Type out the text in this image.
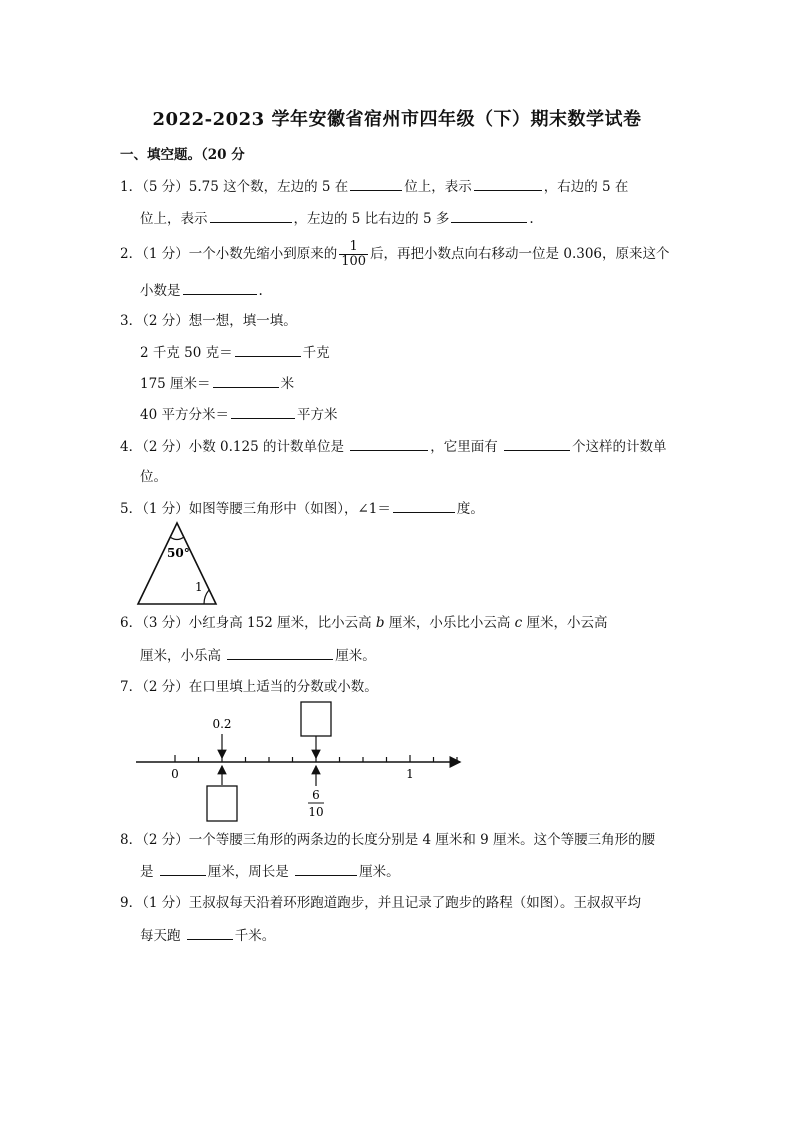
2022-2023 学年安徽省宿州市四年级（下）期末数学试卷
一、填空题。（20 分
1．（5 分）5.75 这个数，左边的 5 在	位上，表示	，右边的 5 在
位上，表示	，左边的 5 比右边的 5 多	.
2．（1 分）一个小数先缩小到原来的 $\frac{1}{100}$ 后，再把小数点向右移动一位是 0.306，原来这个
小数是	.
3．（2 分）想一想，填一填。
2 千克 50 克＝	千克
175 厘米＝	米
40 平方分米＝	平方米
4．（2 分）小数 0.125 的计数单位是	，它里面有	个这样的计数单
位。
5．（1 分）如图等腰三角形中（如图），∠1＝	度。
50°
1
6．（3 分）小红身高 152 厘米，比小云高 b 厘米，小乐比小云高 c 厘米，小云高
厘米，小乐高	厘米。
7．（2 分）在口里填上适当的分数或小数。
0	1
0.2
6
10
8．（2 分）一个等腰三角形的两条边的长度分别是 4 厘米和 9 厘米。这个等腰三角形的腰
是	厘米，周长是	厘米。
9．（1 分）王叔叔每天沿着环形跑道跑步，并且记录了跑步的路程（如图）。王叔叔平均
每天跑	千米。
